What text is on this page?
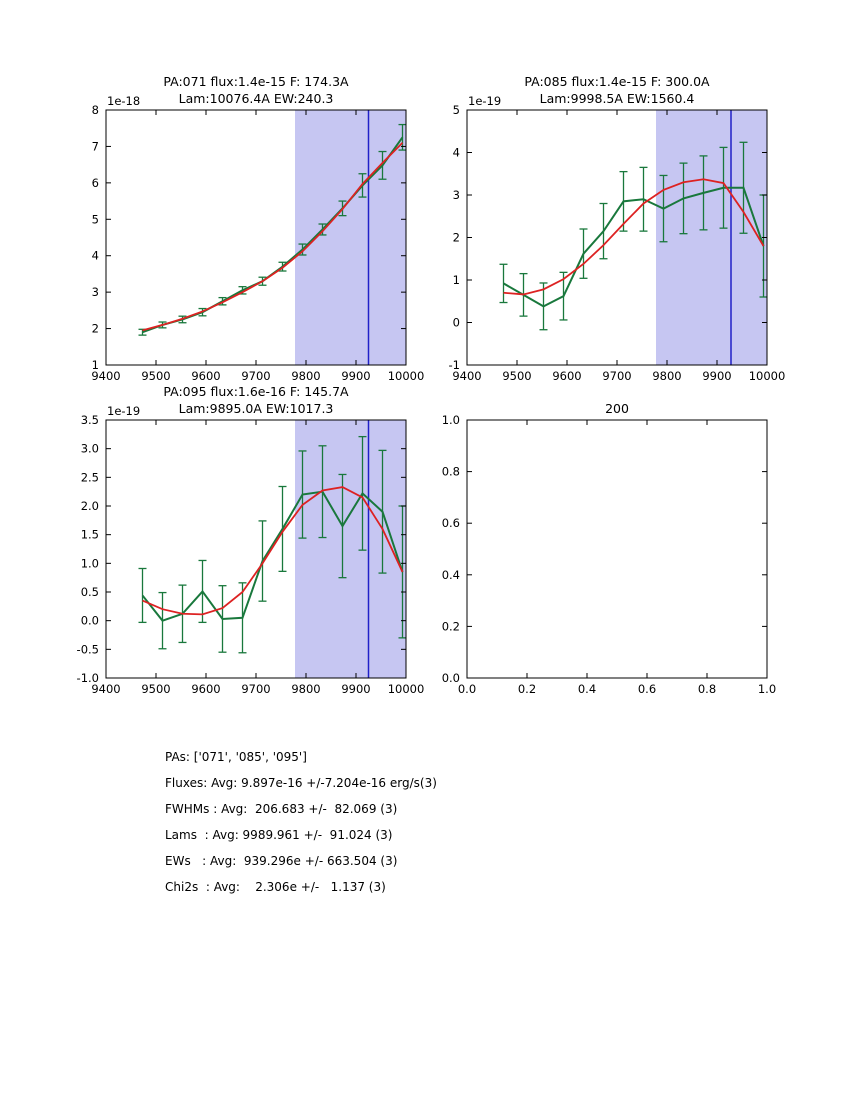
PA:071 flux:1.4e-15 F: 174.3A
Lam:10076.4A EW:240.3
1e-18
9400 9500 9600 9700 9800 9900 10000
1
2
3
4
5
6
7
8
PA:085 flux:1.4e-15 F: 300.0A
Lam:9998.5A EW:1560.4
1e-19
9400 9500 9600 9700 9800 9900 10000
-1
0
1
2
3
4
5
PA:095 flux:1.6e-16 F: 145.7A
Lam:9895.0A EW:1017.3
1e-19
9400 9500 9600 9700 9800 9900 10000
-1.0
-0.5
0.0
0.5
1.0
1.5
2.0
2.5
3.0
3.5
200
0.0	0.2	0.4	0.6	0.8	1.0
0.0
0.2
0.4
0.6
0.8
1.0
PAs: ['071', '085', '095']
Fluxes: Avg: 9.897e-16 +/-7.204e-16 erg/s(3)
FWHMs : Avg:  206.683 +/-  82.069 (3)
Lams  : Avg: 9989.961 +/-  91.024 (3)
EWs   : Avg:  939.296e +/- 663.504 (3)
Chi2s  : Avg:    2.306e +/-   1.137 (3)
